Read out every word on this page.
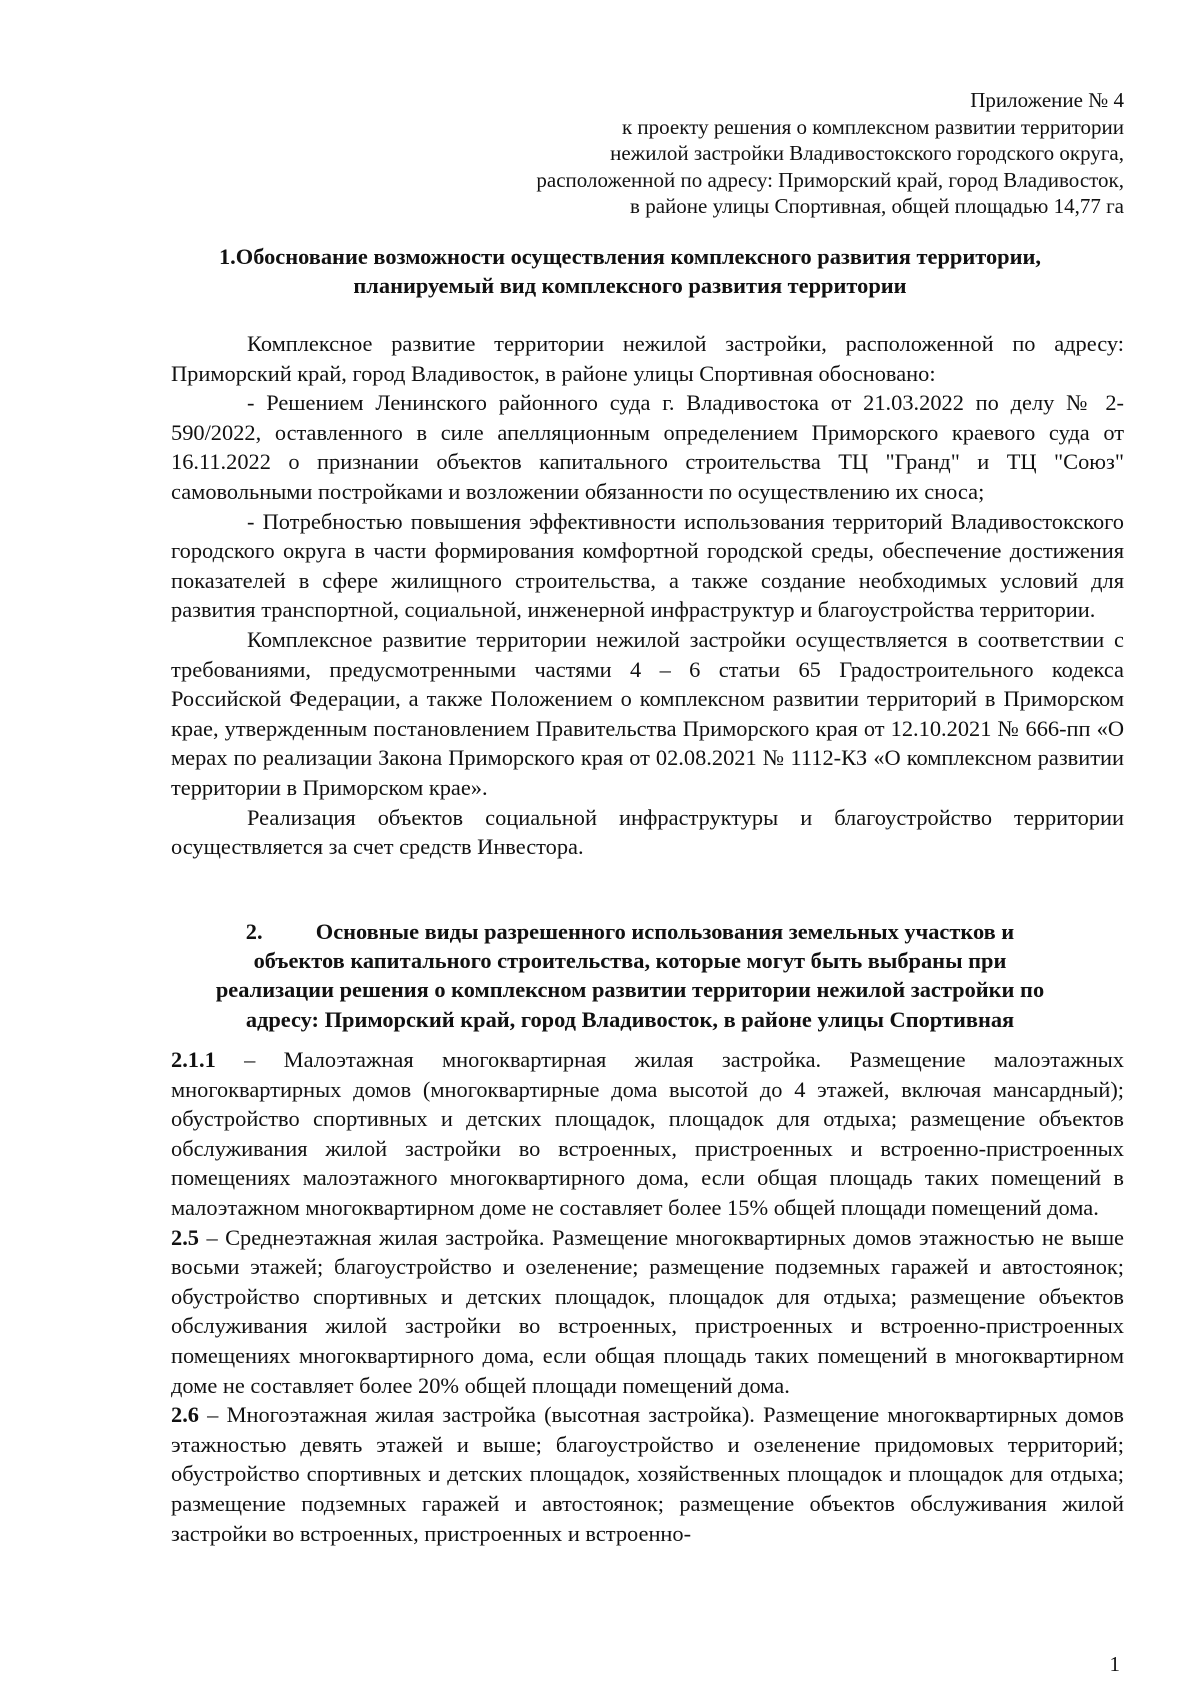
Приложение № 4
к проекту решения о комплексном развитии территории
нежилой застройки Владивостокского городского округа,
расположенной по адресу: Приморский край, город Владивосток,
в районе улицы Спортивная, общей площадью 14,77 га
1.Обоснование возможности осуществления комплексного развития территории,
планируемый вид комплексного развития территории

Комплексное развитие территории нежилой застройки, расположенной по адресу: Приморский край, город Владивосток, в районе улицы Спортивная обосновано:

- Решением Ленинского районного суда г. Владивостока от 21.03.2022 по делу № 2-590/2022, оставленного в силе апелляционным определением Приморского краевого суда от 16.11.2022 о признании объектов капитального строительства ТЦ "Гранд" и ТЦ "Союз" самовольными постройками и возложении обязанности по осуществлению их сноса;

- Потребностью повышения эффективности использования территорий Владивостокского городского округа в части формирования комфортной городской среды, обеспечение достижения показателей в сфере жилищного строительства, а также создание необходимых условий для развития транспортной, социальной, инженерной инфраструктур и благоустройства территории.

Комплексное развитие территории нежилой застройки осуществляется в соответствии с требованиями, предусмотренными частями 4 – 6 статьи 65 Градостроительного кодекса Российской Федерации, а также Положением о комплексном развитии территорий в Приморском крае, утвержденным постановлением Правительства Приморского края от 12.10.2021 № 666-пп «О мерах по реализации Закона Приморского края от 02.08.2021 № 1112-КЗ «О комплексном развитии территории в Приморском крае».

Реализация объектов социальной инфраструктуры и благоустройство территории осуществляется за счет средств Инвестора.

2. Основные виды разрешенного использования земельных участков и
объектов капитального строительства, которые могут быть выбраны при
реализации решения о комплексном развитии территории нежилой застройки по
адресу: Приморский край, город Владивосток, в районе улицы Спортивная

2.1.1 – Малоэтажная многоквартирная жилая застройка. Размещение малоэтажных многоквартирных домов (многоквартирные дома высотой до 4 этажей, включая мансардный); обустройство спортивных и детских площадок, площадок для отдыха; размещение объектов обслуживания жилой застройки во встроенных, пристроенных и встроенно-пристроенных помещениях малоэтажного многоквартирного дома, если общая площадь таких помещений в малоэтажном многоквартирном доме не составляет более 15% общей площади помещений дома.

2.5 – Среднеэтажная жилая застройка. Размещение многоквартирных домов этажностью не выше восьми этажей; благоустройство и озеленение; размещение подземных гаражей и автостоянок; обустройство спортивных и детских площадок, площадок для отдыха; размещение объектов обслуживания жилой застройки во встроенных, пристроенных и встроенно-пристроенных помещениях многоквартирного дома, если общая площадь таких помещений в многоквартирном доме не составляет более 20% общей площади помещений дома.

2.6 – Многоэтажная жилая застройка (высотная застройка). Размещение многоквартирных домов этажностью девять этажей и выше; благоустройство и озеленение придомовых территорий; обустройство спортивных и детских площадок, хозяйственных площадок и площадок для отдыха; размещение подземных гаражей и автостоянок; размещение объектов обслуживания жилой застройки во встроенных, пристроенных и встроенно-

1
